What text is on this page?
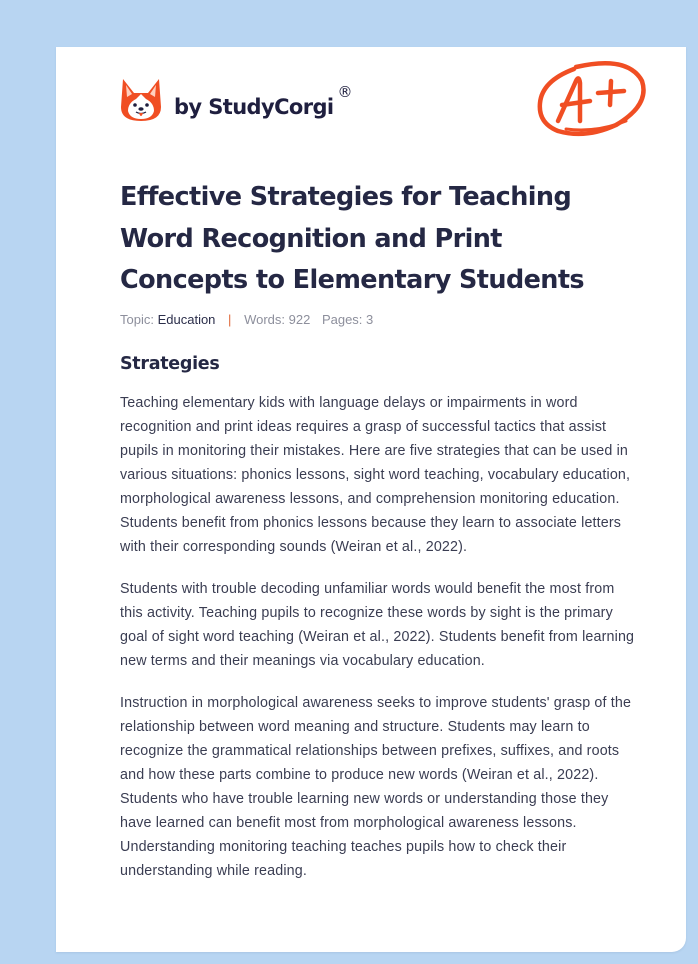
by StudyCorgi
®
Effective Strategies for Teaching Word Recognition and Print Concepts to Elementary Students
Topic: Education | Words: 922 Pages: 3
Strategies

Teaching elementary kids with language delays or impairments in word recognition and print ideas requires a grasp of successful tactics that assist pupils in monitoring their mistakes. Here are five strategies that can be used in various situations: phonics lessons, sight word teaching, vocabulary education, morphological awareness lessons, and comprehension monitoring education. Students benefit from phonics lessons because they learn to associate letters with their corresponding sounds (Weiran et al., 2022).

Students with trouble decoding unfamiliar words would benefit the most from this activity. Teaching pupils to recognize these words by sight is the primary goal of sight word teaching (Weiran et al., 2022). Students benefit from learning new terms and their meanings via vocabulary education.

Instruction in morphological awareness seeks to improve students' grasp of the relationship between word meaning and structure. Students may learn to recognize the grammatical relationships between prefixes, suffixes, and roots and how these parts combine to produce new words (Weiran et al., 2022). Students who have trouble learning new words or understanding those they have learned can benefit most from morphological awareness lessons. Understanding monitoring teaching teaches pupils how to check their understanding while reading.
